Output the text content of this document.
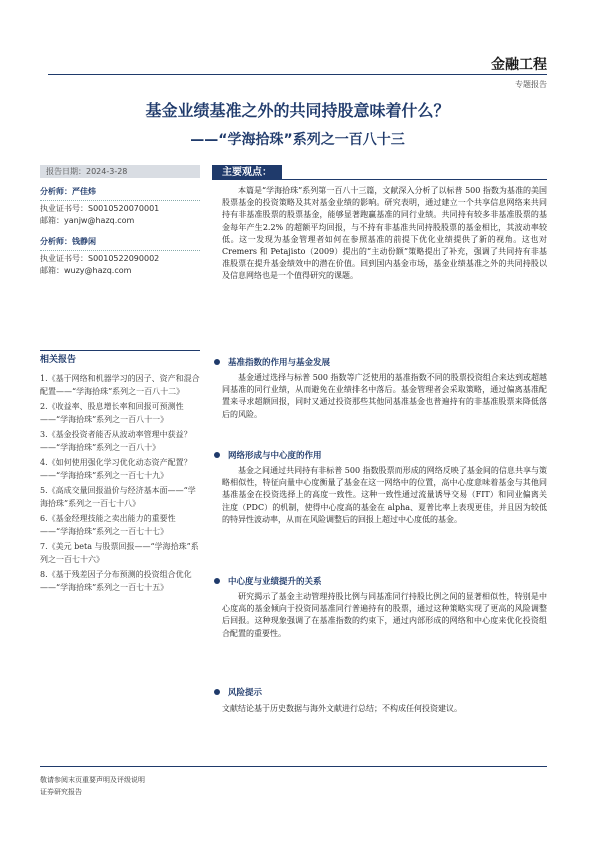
金融工程
专题报告
基金业绩基准之外的共同持股意味着什么？
——“学海拾珠”系列之一百八十三
报告日期：2024-3-28
分析师：严佳炜
执业证书号：S0010520070001
邮箱：yanjw@hazq.com
分析师：钱静闲
执业证书号：S0010522090002
邮箱：wuzy@hazq.com
相关报告
1.《基于网络和机器学习的因子、资产和混合配置——“学海拾珠”系列之一百八十二》
2.《收益率、股息增长率和回报可预测性——“学海拾珠”系列之一百八十一》
3.《基金投资者能否从波动率管理中获益？——“学海拾珠”系列之一百八十》
4.《如何使用强化学习优化动态资产配置？——“学海拾珠”系列之一百七十九》
5.《高成交量回报溢价与经济基本面——“学海拾珠”系列之一百七十八》
6.《基金经理技能之卖出能力的重要性——“学海拾珠”系列之一百七十七》
7.《美元 beta 与股票回报——“学海拾珠”系列之一百七十六》
8.《基于残差因子分布预测的投资组合优化——“学海拾珠”系列之一百七十五》
主要观点：

本篇是“学海拾珠”系列第一百八十三篇，文献深入分析了以标普 500 指数为基准的美国股票基金的投资策略及其对基金业绩的影响。研究表明，通过建立一个共享信息网络来共同持有非基准股票的股票基金，能够显著跑赢基准的同行业绩。共同持有较多非基准股票的基金每年产生2.2% 的超额平均回报，与不持有非基准共同持股股票的基金相比，其波动率较低。这一发现为基金管理者如何在参照基准的前提下优化业绩提供了新的视角。这也对 Cremers 和 Petajisto（2009）提出的“主动份额”策略提出了补充，强调了共同持有非基准股票在提升基金绩效中的潜在价值。回到国内基金市场，基金业绩基准之外的共同持股以及信息网络也是一个值得研究的课题。

基准指数的作用与基金发展

基金通过选择与标普 500 指数等广泛使用的基准指数不同的股票投资组合来达到或超越同基准的同行业绩，从而避免在业绩排名中落后。基金管理者会采取策略，通过偏离基准配置来寻求超额回报，同时又通过投资那些其他同基准基金也普遍持有的非基准股票来降低落后的风险。

网络形成与中心度的作用

基金之间通过共同持有非标普 500 指数股票而形成的网络反映了基金间的信息共享与策略相似性，特征向量中心度衡量了基金在这一网络中的位置，高中心度意味着基金与其他同基准基金在投资选择上的高度一致性。这种一致性通过流量诱导交易（FIT）和同业偏离关注度（PDC）的机制，使得中心度高的基金在 alpha、夏普比率上表现更佳，并且因为较低的特异性波动率，从而在风险调整后的回报上超过中心度低的基金。

中心度与业绩提升的关系

研究揭示了基金主动管理持股比例与同基准同行持股比例之间的显著相似性，特别是中心度高的基金倾向于投资同基准同行普遍持有的股票，通过这种策略实现了更高的风险调整后回报。这种现象强调了在基准指数的约束下，通过内部形成的网络和中心度来优化投资组合配置的重要性。

风险提示
文献结论基于历史数据与海外文献进行总结；不构成任何投资建议。
敬请参阅末页重要声明及评级说明
证券研究报告
